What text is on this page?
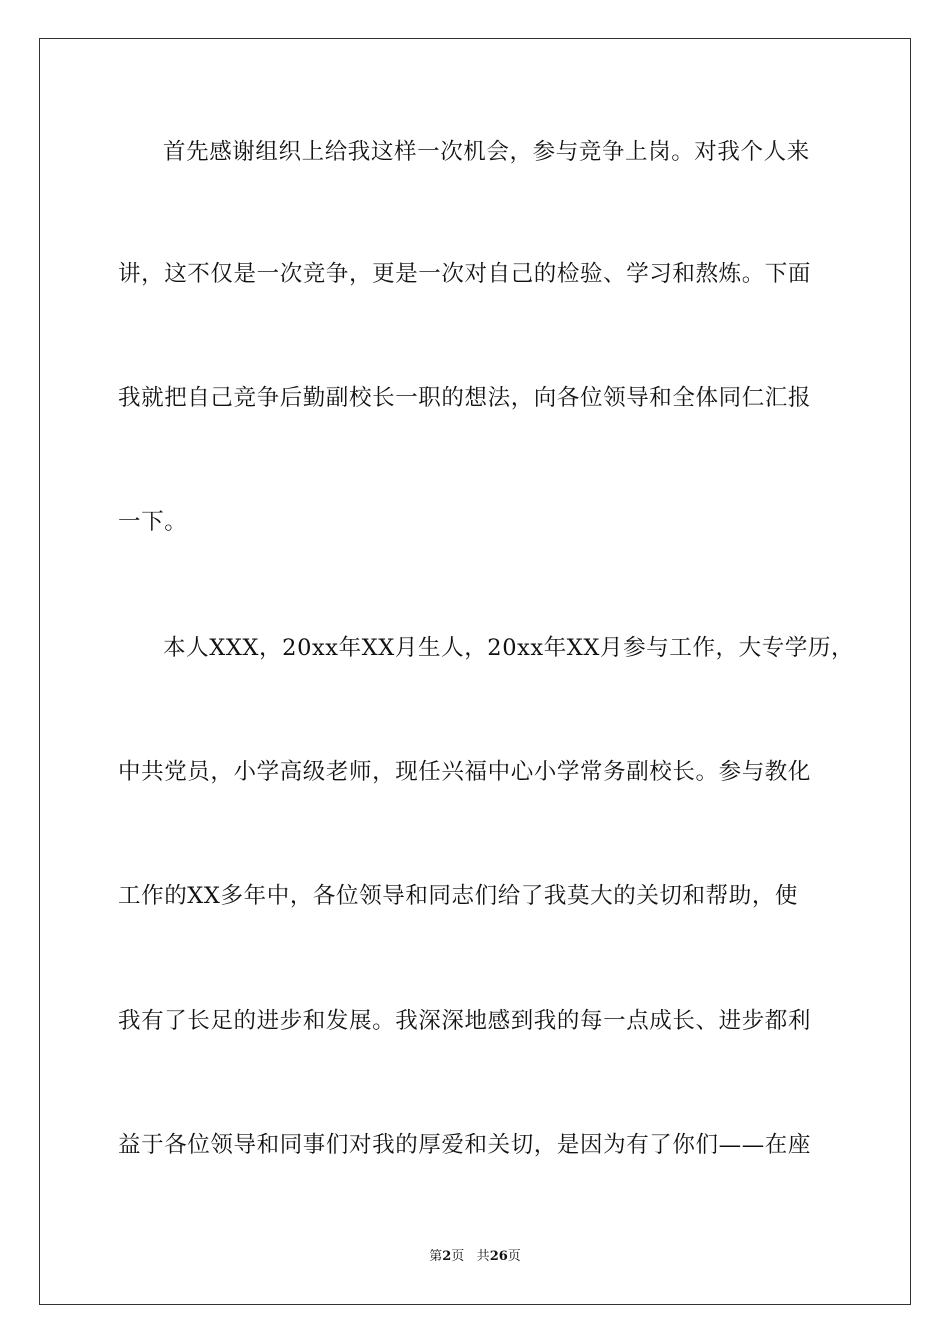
首先感谢组织上给我这样一次机会，参与竞争上岗。对我个人来
讲，这不仅是一次竞争，更是一次对自己的检验、学习和熬炼。下面
我就把自己竞争后勤副校长一职的想法，向各位领导和全体同仁汇报
一下。
本人XXX，20xx年XX月生人，20xx年XX月参与工作，大专学历，
中共党员，小学高级老师，现任兴福中心小学常务副校长。参与教化
工作的XX多年中，各位领导和同志们给了我莫大的关切和帮助，使
我有了长足的进步和发展。我深深地感到我的每一点成长、进步都利
益于各位领导和同事们对我的厚爱和关切，是因为有了你们——在座
第2页 共26页
